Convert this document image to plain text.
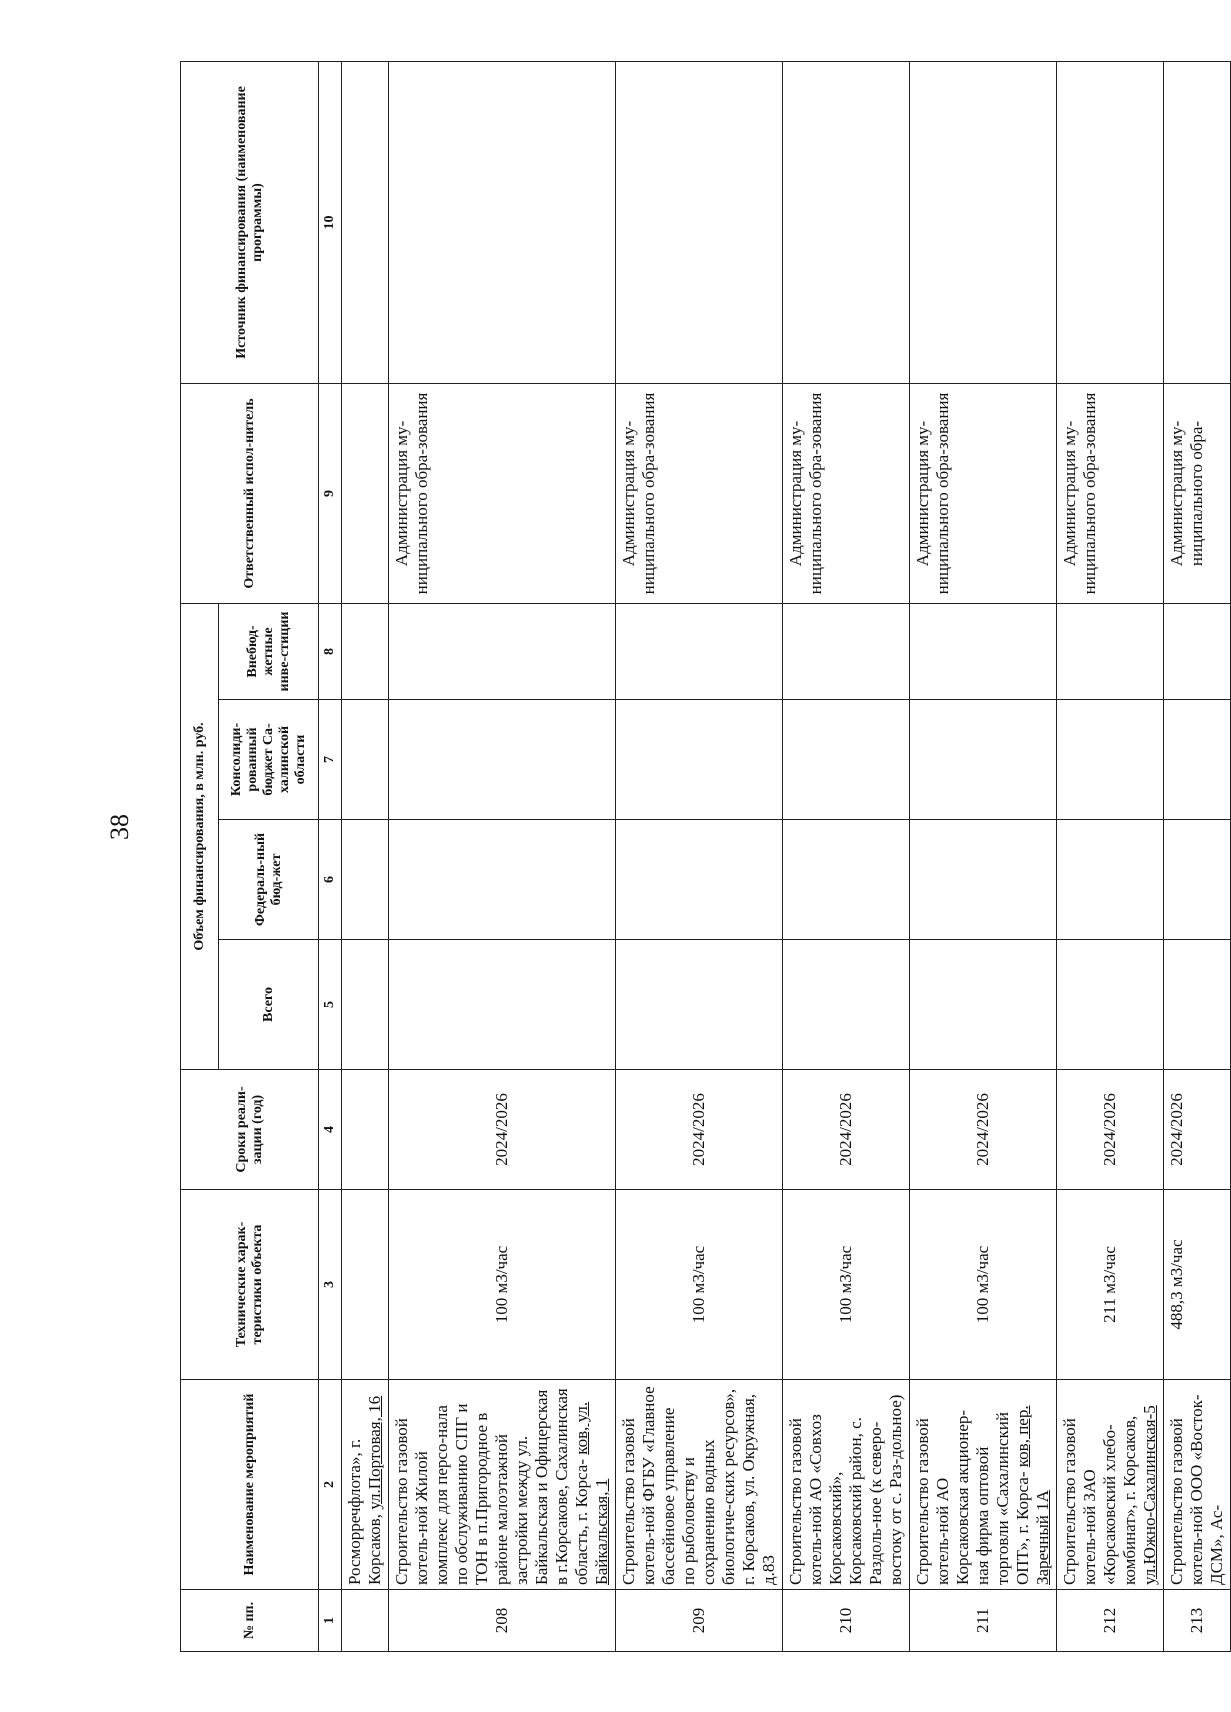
38
№ пп.	Наименование мероприятий	Технические харак-теристики объекта	Сроки реали-зации (год)	Объем финансирования, в млн. руб.				Ответственный испол-нитель	Источник финансирования (наименование программы)
				Всего	Федераль-ный бюд-жет	Консолиди-рованный бюджет Са-халинской области	Внебюд-жетные инве-стиции		
1	2	3	4	5	6	7	8	9	10
	Росморречфлота», г. Корсаков, ул.Портовая, 16								
208	Строительство газовой котель-ной Жилой комплекс для персо-нала по обслуживанию СПГ и ТОН в п.Пригородное в районе малоэтажной застройки между ул. Байкальская и Офицерская в г.Корсакове, Сахалинская область, г. Корса- ков, ул. Байкальская, 1	100 м3/час	2024/2026					Администрация му-ниципального обра-зования	
209	Строительство газовой котель-ной ФГБУ «Главное бассейновое управление по рыболовству и сохранению водных биологиче-ских ресурсов», г. Корсаков, ул. Окружная, д.83	100 м3/час	2024/2026					Администрация му-ниципального обра-зования	
210	Строительство газовой котель-ной АО «Совхоз Корсаковский», Корсаковский район, с. Раздоль-ное (к северо-востоку от с. Раз-дольное)	100 м3/час	2024/2026					Администрация му-ниципального обра-зования	
211	Строительство газовой котель-ной АО Корсаковская акционер-ная фирма оптовой торговли «Сахалинский ОПТ», г. Корса- ков, пер. Заречный 1А	100 м3/час	2024/2026					Администрация му-ниципального обра-зования	
212	Строительство газовой котель-ной ЗАО «Корсаковский хлебо-комбинат», г. Корсаков, ул.Южно-Сахалинская-5	211 м3/час	2024/2026					Администрация му-ниципального обра-зования	
213	Строительство газовой котель-ной ООО «Восток-ДСМ», Ас-	488,3 м3/час	2024/2026					Администрация му-ниципального обра-	
